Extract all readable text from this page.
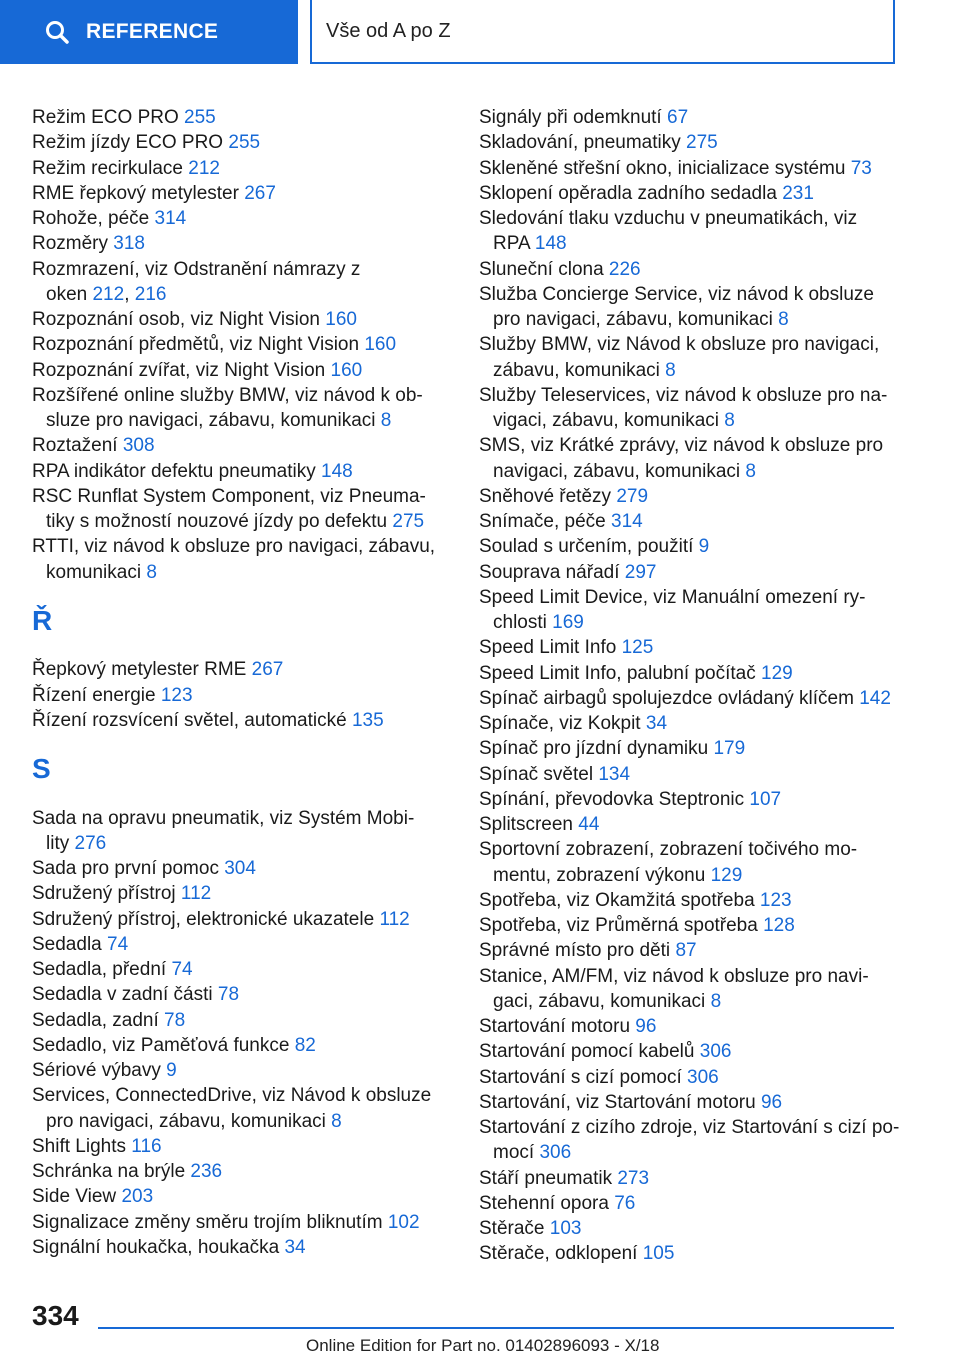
REFERENCE	Vše od A po Z
Režim ECO PRO 255
Režim jízdy ECO PRO 255
Režim recirkulace 212
RME řepkový metylester 267
Rohože, péče 314
Rozměry 318
Rozmrazení, viz Odstranění námrazy z
oken 212, 216
Rozpoznání osob, viz Night Vision 160
Rozpoznání předmětů, viz Night Vision 160
Rozpoznání zvířat, viz Night Vision 160
Rozšířené online služby BMW, viz návod k ob‐
sluze pro navigaci, zábavu, komunikaci 8
Roztažení 308
RPA indikátor defektu pneumatiky 148
RSC Runflat System Component, viz Pneuma‐
tiky s možností nouzové jízdy po defektu 275
RTTI, viz návod k obsluze pro navigaci, zábavu,
komunikaci 8
Ř
Řepkový metylester RME 267
Řízení energie 123
Řízení rozsvícení světel, automatické 135
S
Sada na opravu pneumatik, viz Systém Mobi‐
lity 276
Sada pro první pomoc 304
Sdružený přístroj 112
Sdružený přístroj, elektronické ukazatele 112
Sedadla 74
Sedadla, přední 74
Sedadla v zadní části 78
Sedadla, zadní 78
Sedadlo, viz Paměťová funkce 82
Sériové výbavy 9
Services, ConnectedDrive, viz Návod k obsluze
pro navigaci, zábavu, komunikaci 8
Shift Lights 116
Schránka na brýle 236
Side View 203
Signalizace změny směru trojím bliknutím 102
Signální houkačka, houkačka 34
Signály při odemknutí 67
Skladování, pneumatiky 275
Skleněné střešní okno, inicializace systému 73
Sklopení opěradla zadního sedadla 231
Sledování tlaku vzduchu v pneumatikách, viz
RPA 148
Sluneční clona 226
Služba Concierge Service, viz návod k obsluze
pro navigaci, zábavu, komunikaci 8
Služby BMW, viz Návod k obsluze pro navigaci,
zábavu, komunikaci 8
Služby Teleservices, viz návod k obsluze pro na‐
vigaci, zábavu, komunikaci 8
SMS, viz Krátké zprávy, viz návod k obsluze pro
navigaci, zábavu, komunikaci 8
Sněhové řetězy 279
Snímače, péče 314
Soulad s určením, použití 9
Souprava nářadí 297
Speed Limit Device, viz Manuální omezení ry‐
chlosti 169
Speed Limit Info 125
Speed Limit Info, palubní počítač 129
Spínač airbagů spolujezdce ovládaný klíčem 142
Spínače, viz Kokpit 34
Spínač pro jízdní dynamiku 179
Spínač světel 134
Spínání, převodovka Steptronic 107
Splitscreen 44
Sportovní zobrazení, zobrazení točivého mo‐
mentu, zobrazení výkonu 129
Spotřeba, viz Okamžitá spotřeba 123
Spotřeba, viz Průměrná spotřeba 128
Správné místo pro děti 87
Stanice, AM/FM, viz návod k obsluze pro navi‐
gaci, zábavu, komunikaci 8
Startování motoru 96
Startování pomocí kabelů 306
Startování s cizí pomocí 306
Startování, viz Startování motoru 96
Startování z cizího zdroje, viz Startování s cizí po‐
mocí 306
Stáří pneumatik 273
Stehenní opora 76
Stěrače 103
Stěrače, odklopení 105
334
Online Edition for Part no. 01402896093 - X/18
